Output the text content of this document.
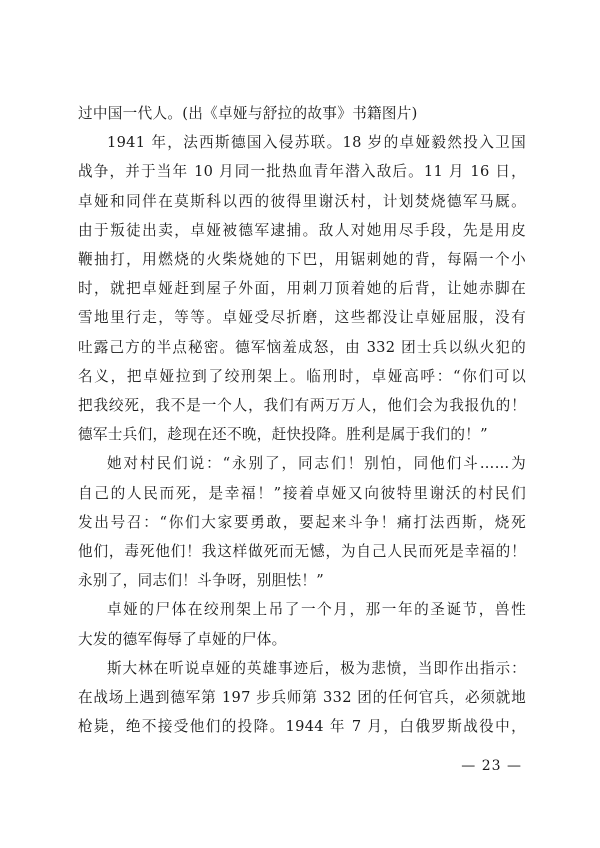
过中国一代人。(出《卓娅与舒拉的故事》书籍图片)

1941 年，法西斯德国入侵苏联。18 岁的卓娅毅然投入卫国
战争，并于当年 10 月同一批热血青年潜入敌后。11 月 16 日，
卓娅和同伴在莫斯科以西的彼得里谢沃村，计划焚烧德军马厩。
由于叛徒出卖，卓娅被德军逮捕。敌人对她用尽手段，先是用皮
鞭抽打，用燃烧的火柴烧她的下巴，用锯刺她的背，每隔一个小
时，就把卓娅赶到屋子外面，用刺刀顶着她的后背，让她赤脚在
雪地里行走，等等。卓娅受尽折磨，这些都没让卓娅屈服，没有
吐露己方的半点秘密。德军恼羞成怒，由 332 团士兵以纵火犯的
名义，把卓娅拉到了绞刑架上。临刑时，卓娅高呼：“你们可以
把我绞死，我不是一个人，我们有两万万人，他们会为我报仇的！
德军士兵们，趁现在还不晚，赶快投降。胜利是属于我们的！”

她对村民们说：“永别了，同志们！别怕，同他们斗……为
自己的人民而死，是幸福！”接着卓娅又向彼特里谢沃的村民们
发出号召：“你们大家要勇敢，要起来斗争！痛打法西斯，烧死
他们，毒死他们！我这样做死而无憾，为自己人民而死是幸福的！
永别了，同志们！斗争呀，别胆怯！”

卓娅的尸体在绞刑架上吊了一个月，那一年的圣诞节，兽性
大发的德军侮辱了卓娅的尸体。

斯大林在听说卓娅的英雄事迹后，极为悲愤，当即作出指示：
在战场上遇到德军第 197 步兵师第 332 团的任何官兵，必须就地
枪毙，绝不接受他们的投降。1944 年 7 月，白俄罗斯战役中，

— 23 —
